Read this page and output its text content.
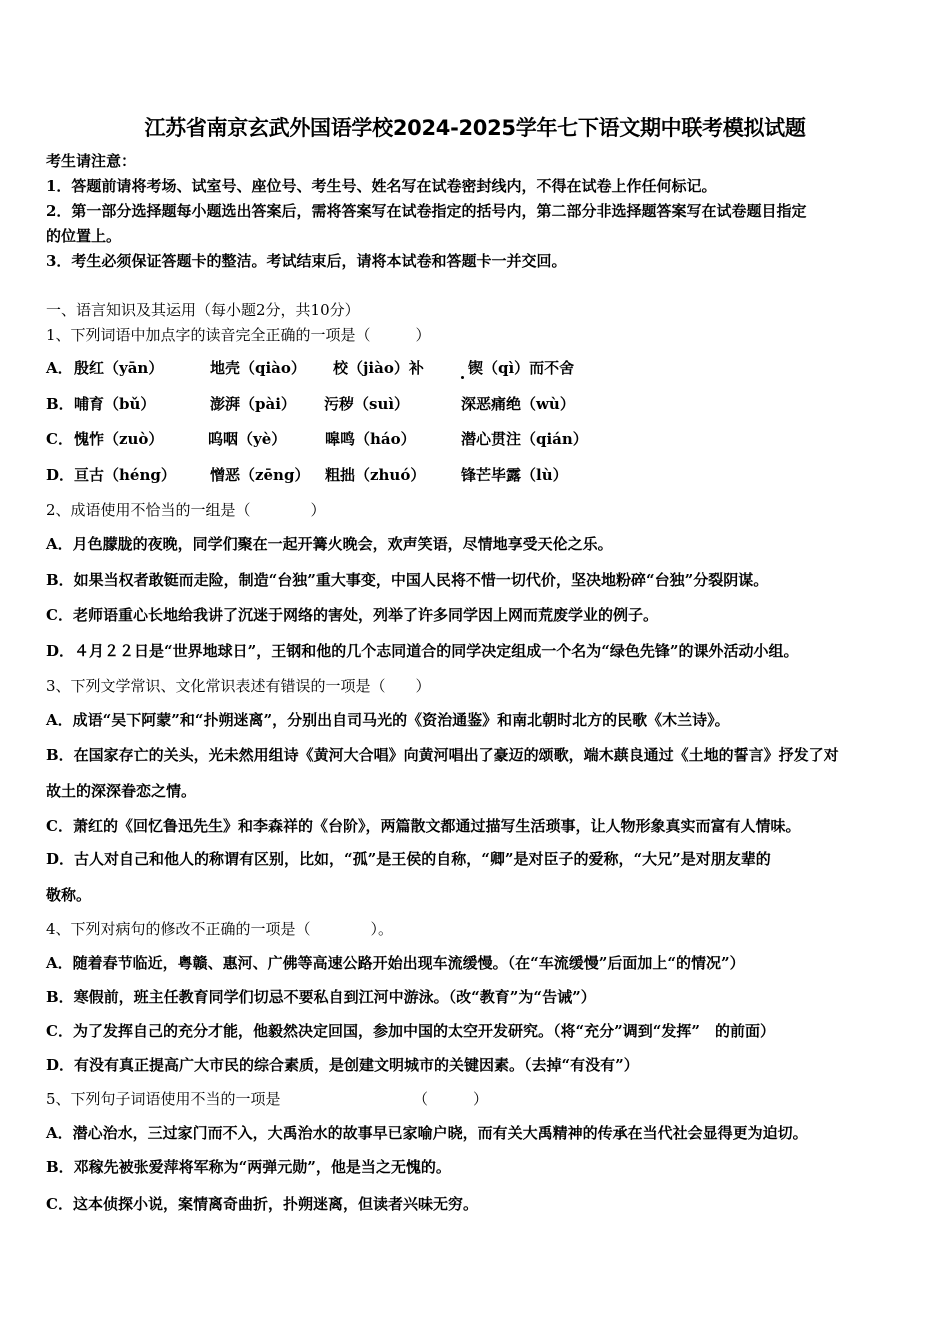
江苏省南京玄武外国语学校2024-2025学年七下语文期中联考模拟试题
考生请注意：
1．答题前请将考场、试室号、座位号、考生号、姓名写在试卷密封线内，不得在试卷上作任何标记。
2．第一部分选择题每小题选出答案后，需将答案写在试卷指定的括号内，第二部分非选择题答案写在试卷题目指定
的位置上。
3．考生必须保证答题卡的整洁。考试结束后，请将本试卷和答题卡一并交回。
一、语言知识及其运用（每小题2分，共10分）
1、下列词语中加点字的读音完全正确的一项是（　　　）
A． 殷红（yān）	地壳（qiào） 校（jiào）补	锲（qì）而不舍
B． 哺育（bǔ）	澎湃（pài） 污秽（suì）	深恶痛绝（wù）
C． 愧怍（zuò）	呜咽（yè）	嗥鸣（háo）	潜心贯注（qián）
D． 亘古（héng） 憎恶（zēng） 粗拙（zhuó） 锋芒毕露（lù）
2、成语使用不恰当的一组是（　　　　）
A．月色朦胧的夜晚，同学们聚在一起开篝火晚会，欢声笑语，尽情地享受天伦之乐。
B．如果当权者敢铤而走险，制造“台独”重大事变，中国人民将不惜一切代价，坚决地粉碎“台独”分裂阴谋。
C．老师语重心长地给我讲了沉迷于网络的害处，列举了许多同学因上网而荒废学业的例子。
D．４月２２日是“世界地球日”，王钢和他的几个志同道合的同学决定组成一个名为“绿色先锋”的课外活动小组。
3、下列文学常识、文化常识表述有错误的一项是（　　）
A．成语“吴下阿蒙”和“扑朔迷离”，分别出自司马光的《资治通鉴》和南北朝时北方的民歌《木兰诗》。
B．在国家存亡的关头，光未然用组诗《黄河大合唱》向黄河唱出了豪迈的颂歌，端木蕻良通过《土地的誓言》抒发了对
故土的深深眷恋之情。
C．萧红的《回忆鲁迅先生》和李森祥的《台阶》，两篇散文都通过描写生活琐事，让人物形象真实而富有人情味。
D．古人对自己和他人的称谓有区别，比如，“孤”是王侯的自称，“卿”是对臣子的爱称，“大兄”是对朋友辈的
敬称。
4、下列对病句的修改不正确的一项是（　　　　）。
A．随着春节临近，粤赣、惠河、广佛等高速公路开始出现车流缓慢。（在“车流缓慢”后面加上“的情况”）
B．寒假前，班主任教育同学们切忌不要私自到江河中游泳。（改“教育”为“告诫”）
C．为了发挥自己的充分才能，他毅然决定回国，参加中国的太空开发研究。（将“充分”调到“发挥”　的前面）
D．有没有真正提高广大市民的综合素质，是创建文明城市的关键因素。（去掉“有没有”）
5、下列句子词语使用不当的一项是	（　　　）
A．潜心治水，三过家门而不入，大禹治水的故事早已家喻户晓，而有关大禹精神的传承在当代社会显得更为迫切。
B．邓稼先被张爱萍将军称为“两弹元勋”，他是当之无愧的。
C．这本侦探小说，案情离奇曲折，扑朔迷离，但读者兴味无穷。
